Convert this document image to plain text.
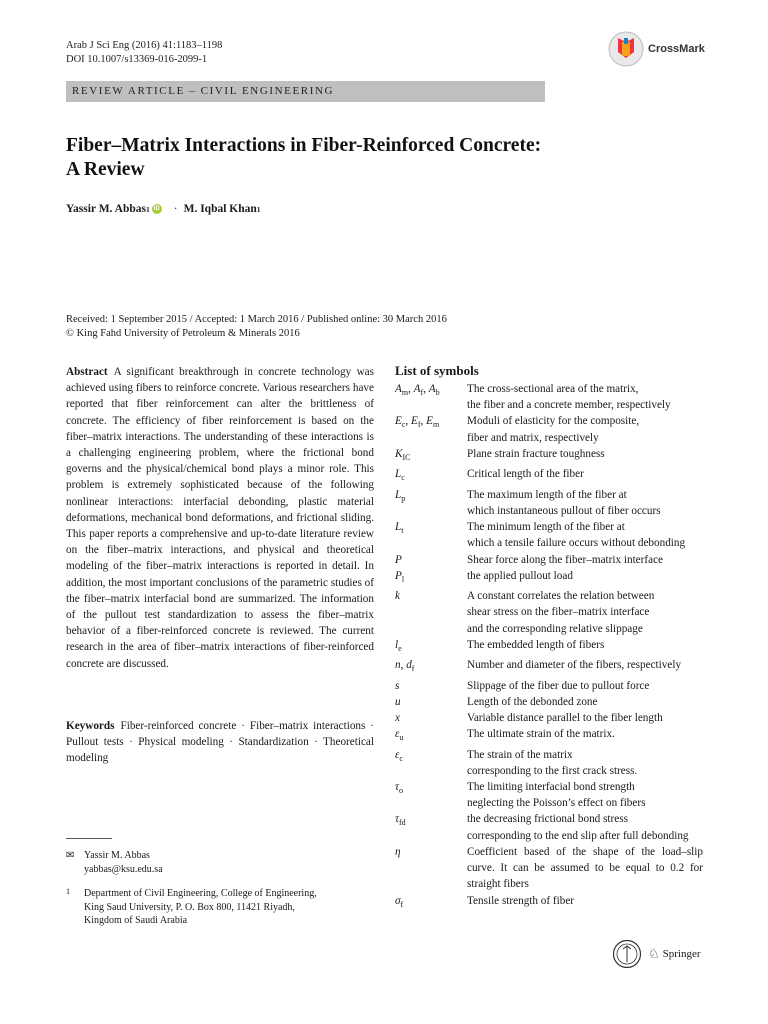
Arab J Sci Eng (2016) 41:1183–1198
DOI 10.1007/s13369-016-2099-1
CrossMark
REVIEW ARTICLE – CIVIL ENGINEERING
Fiber–Matrix Interactions in Fiber-Reinforced Concrete:
A Review
Yassir M. Abbas 1 iD · M. Iqbal Khan 1
Received: 1 September 2015 / Accepted: 1 March 2016 / Published online: 30 March 2016
© King Fahd University of Petroleum & Minerals 2016
Abstract A significant breakthrough in concrete technology was achieved using fibers to reinforce concrete. Various researchers have reported that fiber reinforcement can alter the brittleness of concrete. The efficiency of fiber reinforcement is based on the fiber–matrix interactions. The understanding of these interactions is a challenging engineering problem, where the frictional bond governs and the physical/chemical bond plays a minor role. This problem is extremely sophisticated because of the following nonlinear interactions: interfacial debonding, plastic material deformations, mechanical bond deformations, and frictional sliding. This paper reports a comprehensive and up-to-date literature review on the fiber–matrix interactions, and physical and theoretical modeling of the fiber–matrix interactions is reported in detail. In addition, the most important conclusions of the parametric studies of the fiber–matrix interfacial bond are summarized. The information of the pullout test standardization to assess the fiber–matrix behavior of a fiber-reinforced concrete is reviewed. The current research in the area of fiber–matrix interactions of fiber-reinforced concrete are discussed.
Keywords Fiber-reinforced concrete · Fiber–matrix interactions · Pullout tests · Physical modeling · Standardization · Theoretical modeling
✉ Yassir M. Abbas
yabbas@ksu.edu.sa
1 Department of Civil Engineering, College of Engineering,
King Saud University, P. O. Box 800, 11421 Riyadh,
Kingdom of Saudi Arabia
List of symbols
$A_m$, $A_f$, $A_b$	The cross-sectional area of the matrix,
the fiber and a concrete member, respectively
$E_c$, $E_f$, $E_m$	Moduli of elasticity for the composite,
fiber and matrix, respectively
$K_{IC}$	Plane strain fracture toughness
$L_c$	Critical length of the fiber
$L_p$	The maximum length of the fiber at
which instantaneous pullout of fiber occurs
$L_t$	The minimum length of the fiber at
which a tensile failure occurs without debonding
P	Shear force along the fiber–matrix interface
$P_l$	the applied pullout load
k	A constant correlates the relation between
shear stress on the fiber–matrix interface
and the corresponding relative slippage
$l_e$	The embedded length of fibers
n, $d_f$	Number and diameter of the fibers, respectively
s	Slippage of the fiber due to pullout force
u	Length of the debonded zone
x	Variable distance parallel to the fiber length
$\varepsilon_u$	The ultimate strain of the matrix.
$\varepsilon_c$	The strain of the matrix
corresponding to the first crack stress.
$\tau_o$	The limiting interfacial bond strength
neglecting the Poisson’s effect on fibers
$\tau_{fd}$	the decreasing frictional bond stress
corresponding to the end slip after full debonding
η	Coefficient based of the shape of the load–slip curve. It can be assumed to be equal to 0.2 for straight fibers
$\sigma_f$	Tensile strength of fiber
♘ Springer
